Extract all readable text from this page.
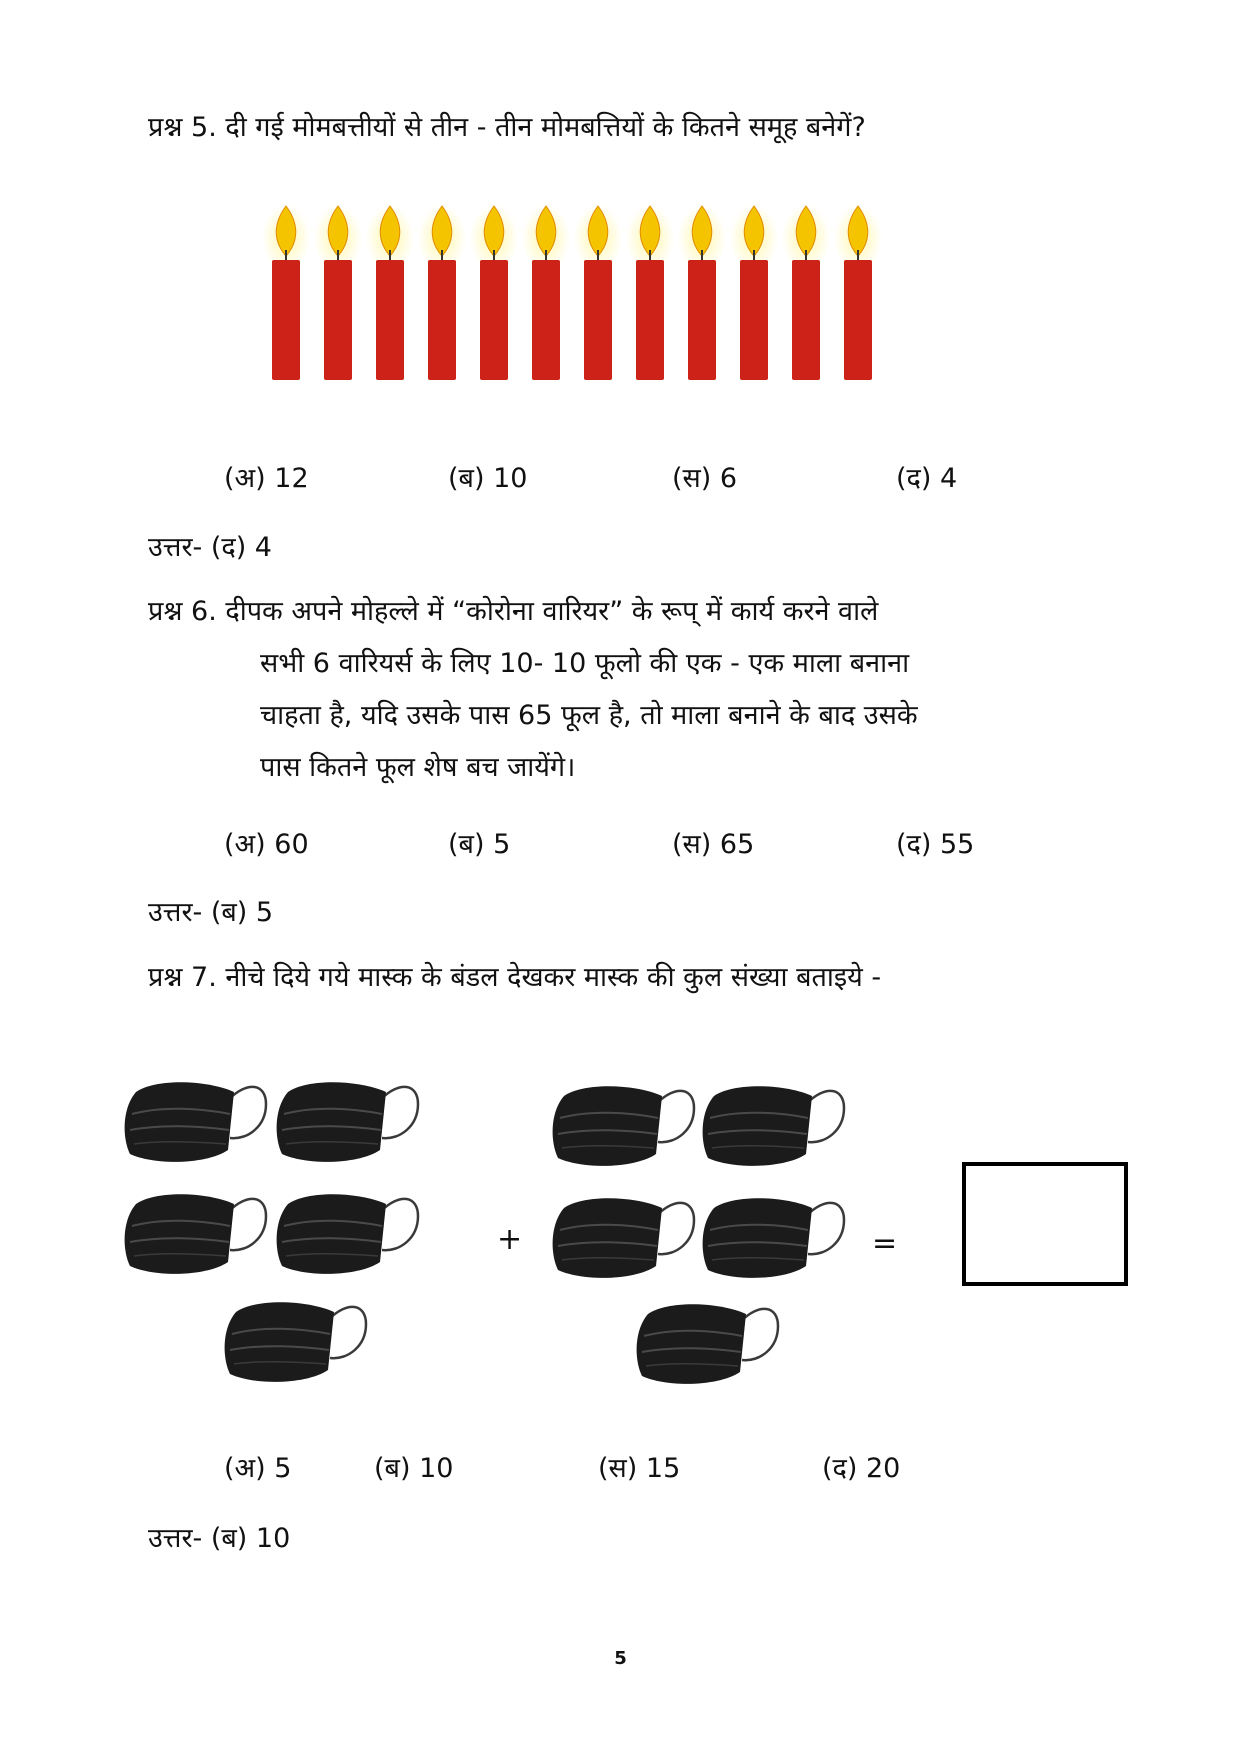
प्रश्न 5. दी गई मोमबत्तीयों से तीन - तीन मोमबत्तियों के कितने समूह बनेगें?
(अ) 12	(ब) 10	(स) 6	(द) 4
उत्तर- (द) 4
प्रश्न 6. दीपक अपने मोहल्ले में “कोरोना वारियर” के रूप् में कार्य करने वाले
सभी 6 वारियर्स के लिए 10- 10 फूलो की एक - एक माला बनाना
चाहता है, यदि उसके पास 65 फूल है, तो माला बनाने के बाद उसके
पास कितने फूल शेष बच जायेंगे।
(अ) 60	(ब) 5	(स) 65	(द) 55
उत्तर- (ब) 5
प्रश्न 7. नीचे दिये गये मास्क के बंडल देखकर मास्क की कुल संख्या बताइये -
+	=
(अ) 5	(ब) 10	(स) 15	(द) 20
उत्तर- (ब) 10
5
